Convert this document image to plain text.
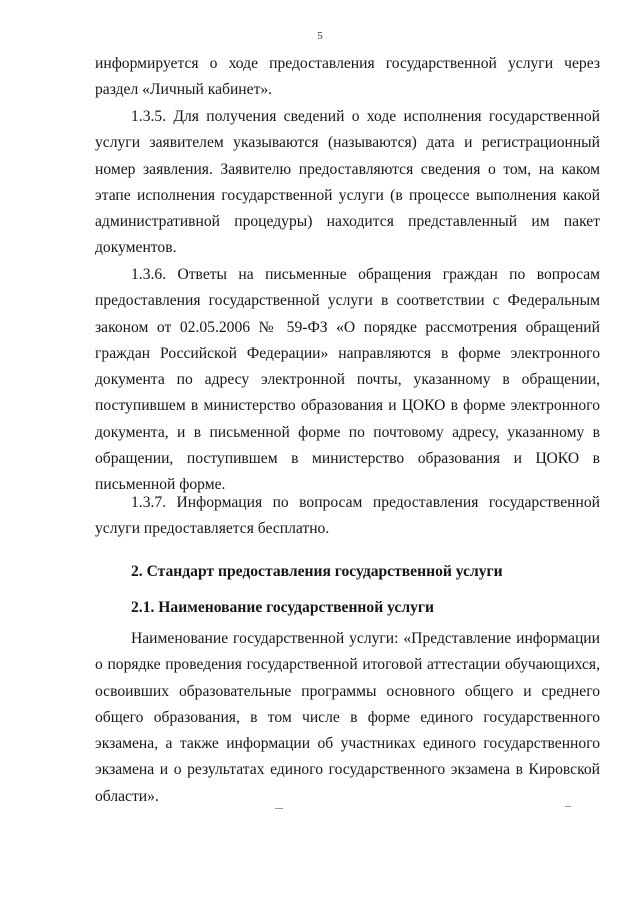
5

информируется о ходе предоставления государственной услуги через раздел «Личный кабинет».

1.3.5. Для получения сведений о ходе исполнения государственной услуги заявителем указываются (называются) дата и регистрационный номер заявления. Заявителю предоставляются сведения о том, на каком этапе исполнения государственной услуги (в процессе выполнения какой административной процедуры) находится представленный им пакет документов.

1.3.6. Ответы на письменные обращения граждан по вопросам предоставления государственной услуги в соответствии с Федеральным законом от 02.05.2006 № 59-ФЗ «О порядке рассмотрения обращений граждан Российской Федерации» направляются в форме электронного документа по адресу электронной почты, указанному в обращении, поступившем в министерство образования и ЦОКО в форме электронного документа, и в письменной форме по почтовому адресу, указанному в обращении, поступившем в министерство образования и ЦОКО в письменной форме.

1.3.7. Информация по вопросам предоставления государственной услуги предоставляется бесплатно.

2. Стандарт предоставления государственной услуги
2.1. Наименование государственной услуги

Наименование государственной услуги: «Представление информации о порядке проведения государственной итоговой аттестации обучающихся, освоивших образовательные программы основного общего и среднего общего образования, в том числе в форме единого государственного экзамена, а также информации об участниках единого государственного экзамена и о результатах единого государственного экзамена в Кировской области».
